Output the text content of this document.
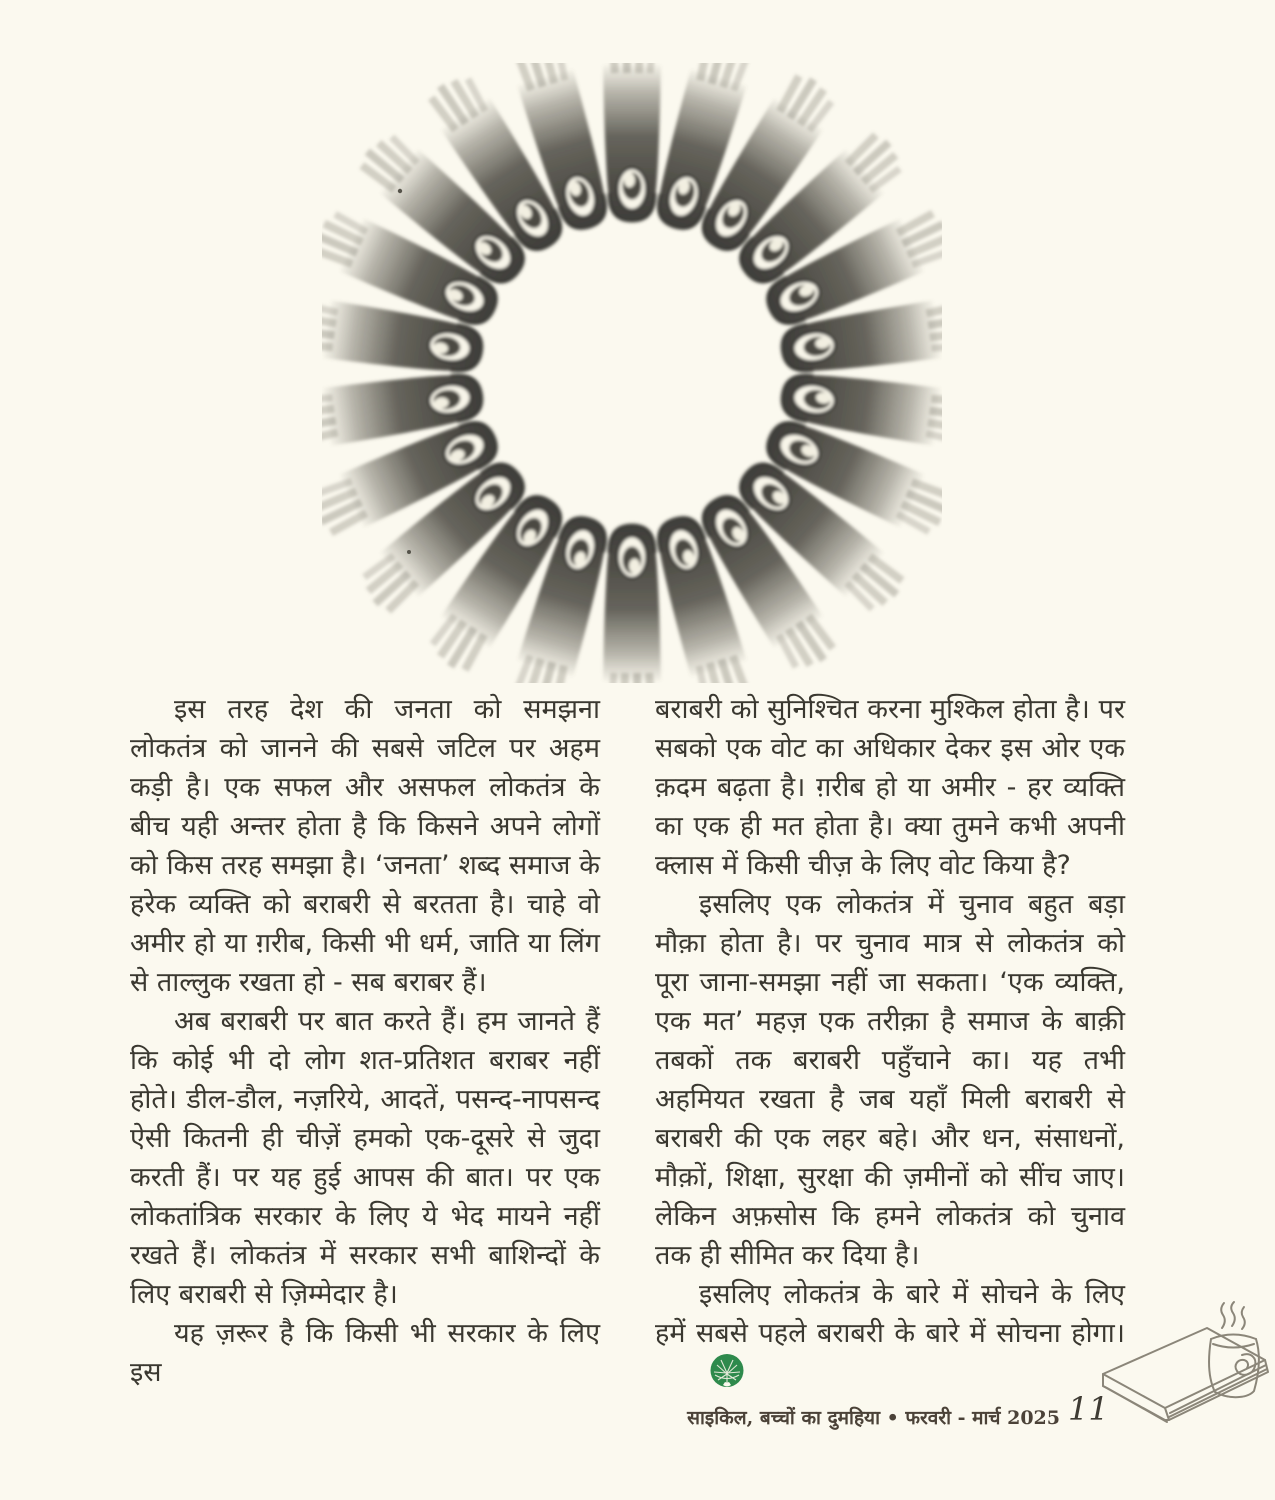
इस तरह देश की जनता को समझना लोकतंत्र को जानने की सबसे जटिल पर अहम कड़ी है। एक सफल और असफल लोकतंत्र के बीच यही अन्तर होता है कि किसने अपने लोगों को किस तरह समझा है। ‘जनता’ शब्द समाज के हरेक व्यक्ति को बराबरी से बरतता है। चाहे वो अमीर हो या ग़रीब, किसी भी धर्म, जाति या लिंग से ताल्लुक रखता हो - सब बराबर हैं।

अब बराबरी पर बात करते हैं। हम जानते हैं कि कोई भी दो लोग शत-प्रतिशत बराबर नहीं होते। डील-डौल, नज़रिये, आदतें, पसन्द-नापसन्द ऐसी कितनी ही चीज़ें हमको एक-दूसरे से जुदा करती हैं। पर यह हुई आपस की बात। पर एक लोकतांत्रिक सरकार के लिए ये भेद मायने नहीं रखते हैं। लोकतंत्र में सरकार सभी बाशिन्दों के लिए बराबरी से ज़िम्मेदार है।

यह ज़रूर है कि किसी भी सरकार के लिए इस

बराबरी को सुनिश्चित करना मुश्किल होता है। पर सबको एक वोट का अधिकार देकर इस ओर एक क़दम बढ़ता है। ग़रीब हो या अमीर - हर व्यक्ति का एक ही मत होता है। क्या तुमने कभी अपनी क्लास में किसी चीज़ के लिए वोट किया है?

इसलिए एक लोकतंत्र में चुनाव बहुत बड़ा मौक़ा होता है। पर चुनाव मात्र से लोकतंत्र को पूरा जाना-समझा नहीं जा सकता। ‘एक व्यक्ति, एक मत’ महज़ एक तरीक़ा है समाज के बाक़ी तबकों तक बराबरी पहुँचाने का। यह तभी अहमियत रखता है जब यहाँ मिली बराबरी से बराबरी की एक लहर बहे। और धन, संसाधनों, मौक़ों, शिक्षा, सुरक्षा की ज़मीनों को सींच जाए। लेकिन अफ़सोस कि हमने लोकतंत्र को चुनाव तक ही सीमित कर दिया है।

इसलिए लोकतंत्र के बारे में सोचने के लिए हमें सबसे पहले बराबरी के बारे में सोचना होगा।

साइकिल, बच्चों का दुमहिया • फरवरी - मार्च 2025 11
